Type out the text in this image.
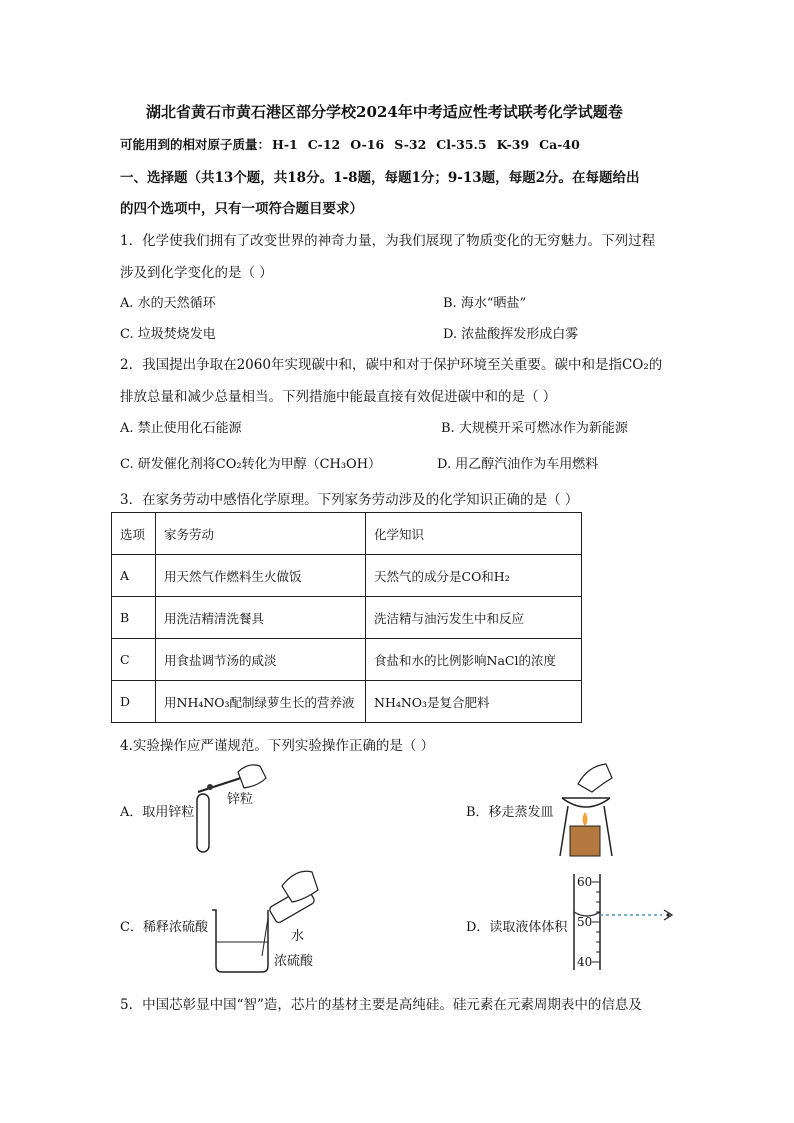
湖北省黄石市黄石港区部分学校2024年中考适应性考试联考化学试题卷
可能用到的相对原子质量： H-1 C-12 O-16 S-32 Cl-35.5 K-39 Ca-40
一、选择题（共13个题，共18分。1-8题，每题1分；9-13题，每题2分。在每题给出
的四个选项中，只有一项符合题目要求）
1．化学使我们拥有了改变世界的神奇力量，为我们展现了物质变化的无穷魅力。下列过程
涉及到化学变化的是（ ）
A. 水的天然循环	B. 海水“晒盐”
C. 垃圾焚烧发电	D. 浓盐酸挥发形成白雾
2．我国提出争取在2060年实现碳中和，碳中和对于保护环境至关重要。碳中和是指CO₂的
排放总量和减少总量相当。下列措施中能最直接有效促进碳中和的是（ ）
A. 禁止使用化石能源	B. 大规模开采可燃冰作为新能源
C. 研发催化剂将CO₂转化为甲醇（CH₃OH）	D. 用乙醇汽油作为车用燃料
3．在家务劳动中感悟化学原理。下列家务劳动涉及的化学知识正确的是（ ）
选项	家务劳动	化学知识
A	用天然气作燃料生火做饭	天然气的成分是CO和H₂
B	用洗洁精清洗餐具	洗洁精与油污发生中和反应
C	用食盐调节汤的咸淡	食盐和水的比例影响NaCl的浓度
D	用NH₄NO₃配制绿萝生长的营养液	NH₄NO₃是复合肥料
4.实验操作应严谨规范。下列实验操作正确的是（ ）
A．取用锌粒
锌粒
B．移走蒸发皿
C．稀释浓硫酸
水
浓硫酸
D．读取液体体积
60
50
40
5．中国芯彰显中国“智”造，芯片的基材主要是高纯硅。硅元素在元素周期表中的信息及
